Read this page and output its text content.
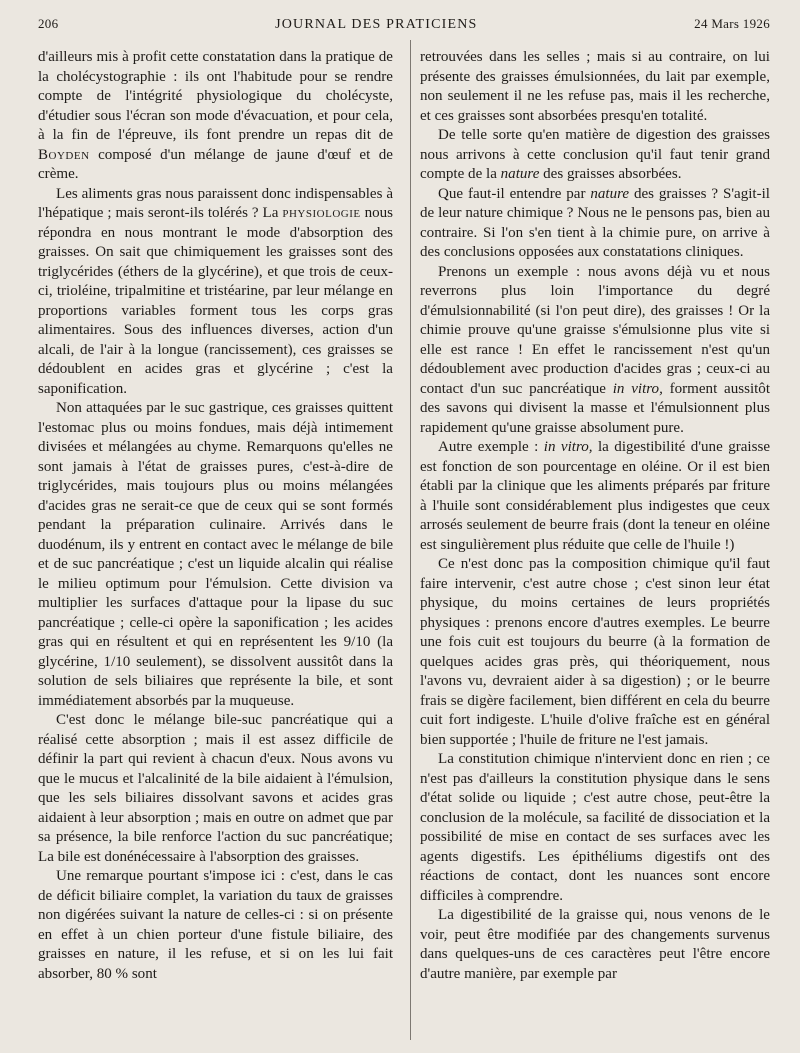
206	JOURNAL DES PRATICIENS	24 Mars 1926

d'ailleurs mis à profit cette constatation dans la pratique de la cholécystographie : ils ont l'habitude pour se rendre compte de l'intégrité physiologique du cholécyste, d'étudier sous l'écran son mode d'évacuation, et pour cela, à la fin de l'épreuve, ils font prendre un repas dit de Boyden composé d'un mélange de jaune d'œuf et de crème.

Les aliments gras nous paraissent donc indispensables à l'hépatique ; mais seront-ils tolérés ? La physiologie nous répondra en nous montrant le mode d'absorption des graisses. On sait que chimiquement les graisses sont des triglycérides (éthers de la glycérine), et que trois de ceux-ci, trioléine, tripalmitine et tristéarine, par leur mélange en proportions variables forment tous les corps gras alimentaires. Sous des influences diverses, action d'un alcali, de l'air à la longue (rancissement), ces graisses se dédoublent en acides gras et glycérine ; c'est la saponification.

Non attaquées par le suc gastrique, ces graisses quittent l'estomac plus ou moins fondues, mais déjà intimement divisées et mélangées au chyme. Remarquons qu'elles ne sont jamais à l'état de graisses pures, c'est-à-dire de triglycérides, mais toujours plus ou moins mélangées d'acides gras ne serait-ce que de ceux qui se sont formés pendant la préparation culinaire. Arrivés dans le duodénum, ils y entrent en contact avec le mélange de bile et de suc pancréatique ; c'est un liquide alcalin qui réalise le milieu optimum pour l'émulsion. Cette division va multiplier les surfaces d'attaque pour la lipase du suc pancréatique ; celle-ci opère la saponification ; les acides gras qui en résultent et qui en représentent les 9/10 (la glycérine, 1/10 seulement), se dissolvent aussitôt dans la solution de sels biliaires que représente la bile, et sont immédiatement absorbés par la muqueuse.

C'est donc le mélange bile-suc pancréatique qui a réalisé cette absorption ; mais il est assez difficile de définir la part qui revient à chacun d'eux. Nous avons vu que le mucus et l'alcalinité de la bile aidaient à l'émulsion, que les sels biliaires dissolvant savons et acides gras aidaient à leur absorption ; mais en outre on admet que par sa présence, la bile renforce l'action du suc pancréatique; La bile est donénécessaire à l'absorption des graisses.

Une remarque pourtant s'impose ici : c'est, dans le cas de déficit biliaire complet, la variation du taux de graisses non digérées suivant la nature de celles-ci : si on présente en effet à un chien porteur d'une fistule biliaire, des graisses en nature, il les refuse, et si on les lui fait absorber, 80 % sont

retrouvées dans les selles ; mais si au contraire, on lui présente des graisses émulsionnées, du lait par exemple, non seulement il ne les refuse pas, mais il les recherche, et ces graisses sont absorbées presqu'en totalité.

De telle sorte qu'en matière de digestion des graisses nous arrivons à cette conclusion qu'il faut tenir grand compte de la nature des graisses absorbées.

Que faut-il entendre par nature des graisses ? S'agit-il de leur nature chimique ? Nous ne le pensons pas, bien au contraire. Si l'on s'en tient à la chimie pure, on arrive à des conclusions opposées aux constatations cliniques.

Prenons un exemple : nous avons déjà vu et nous reverrons plus loin l'importance du degré d'émulsionnabilité (si l'on peut dire), des graisses ! Or la chimie prouve qu'une graisse s'émulsionne plus vite si elle est rance ! En effet le rancissement n'est qu'un dédoublement avec production d'acides gras ; ceux-ci au contact d'un suc pancréatique in vitro, forment aussitôt des savons qui divisent la masse et l'émulsionnent plus rapidement qu'une graisse absolument pure.

Autre exemple : in vitro, la digestibilité d'une graisse est fonction de son pourcentage en oléine. Or il est bien établi par la clinique que les aliments préparés par friture à l'huile sont considérablement plus indigestes que ceux arrosés seulement de beurre frais (dont la teneur en oléine est singulièrement plus réduite que celle de l'huile !)

Ce n'est donc pas la composition chimique qu'il faut faire intervenir, c'est autre chose ; c'est sinon leur état physique, du moins certaines de leurs propriétés physiques : prenons encore d'autres exemples. Le beurre une fois cuit est toujours du beurre (à la formation de quelques acides gras près, qui théoriquement, nous l'avons vu, devraient aider à sa digestion) ; or le beurre frais se digère facilement, bien différent en cela du beurre cuit fort indigeste. L'huile d'olive fraîche est en général bien supportée ; l'huile de friture ne l'est jamais.

La constitution chimique n'intervient donc en rien ; ce n'est pas d'ailleurs la constitution physique dans le sens d'état solide ou liquide ; c'est autre chose, peut-être la conclusion de la molécule, sa facilité de dissociation et la possibilité de mise en contact de ses surfaces avec les agents digestifs. Les épithéliums digestifs ont des réactions de contact, dont les nuances sont encore difficiles à comprendre.

La digestibilité de la graisse qui, nous venons de le voir, peut être modifiée par des changements survenus dans quelques-uns de ces caractères peut l'être encore d'autre manière, par exemple par
